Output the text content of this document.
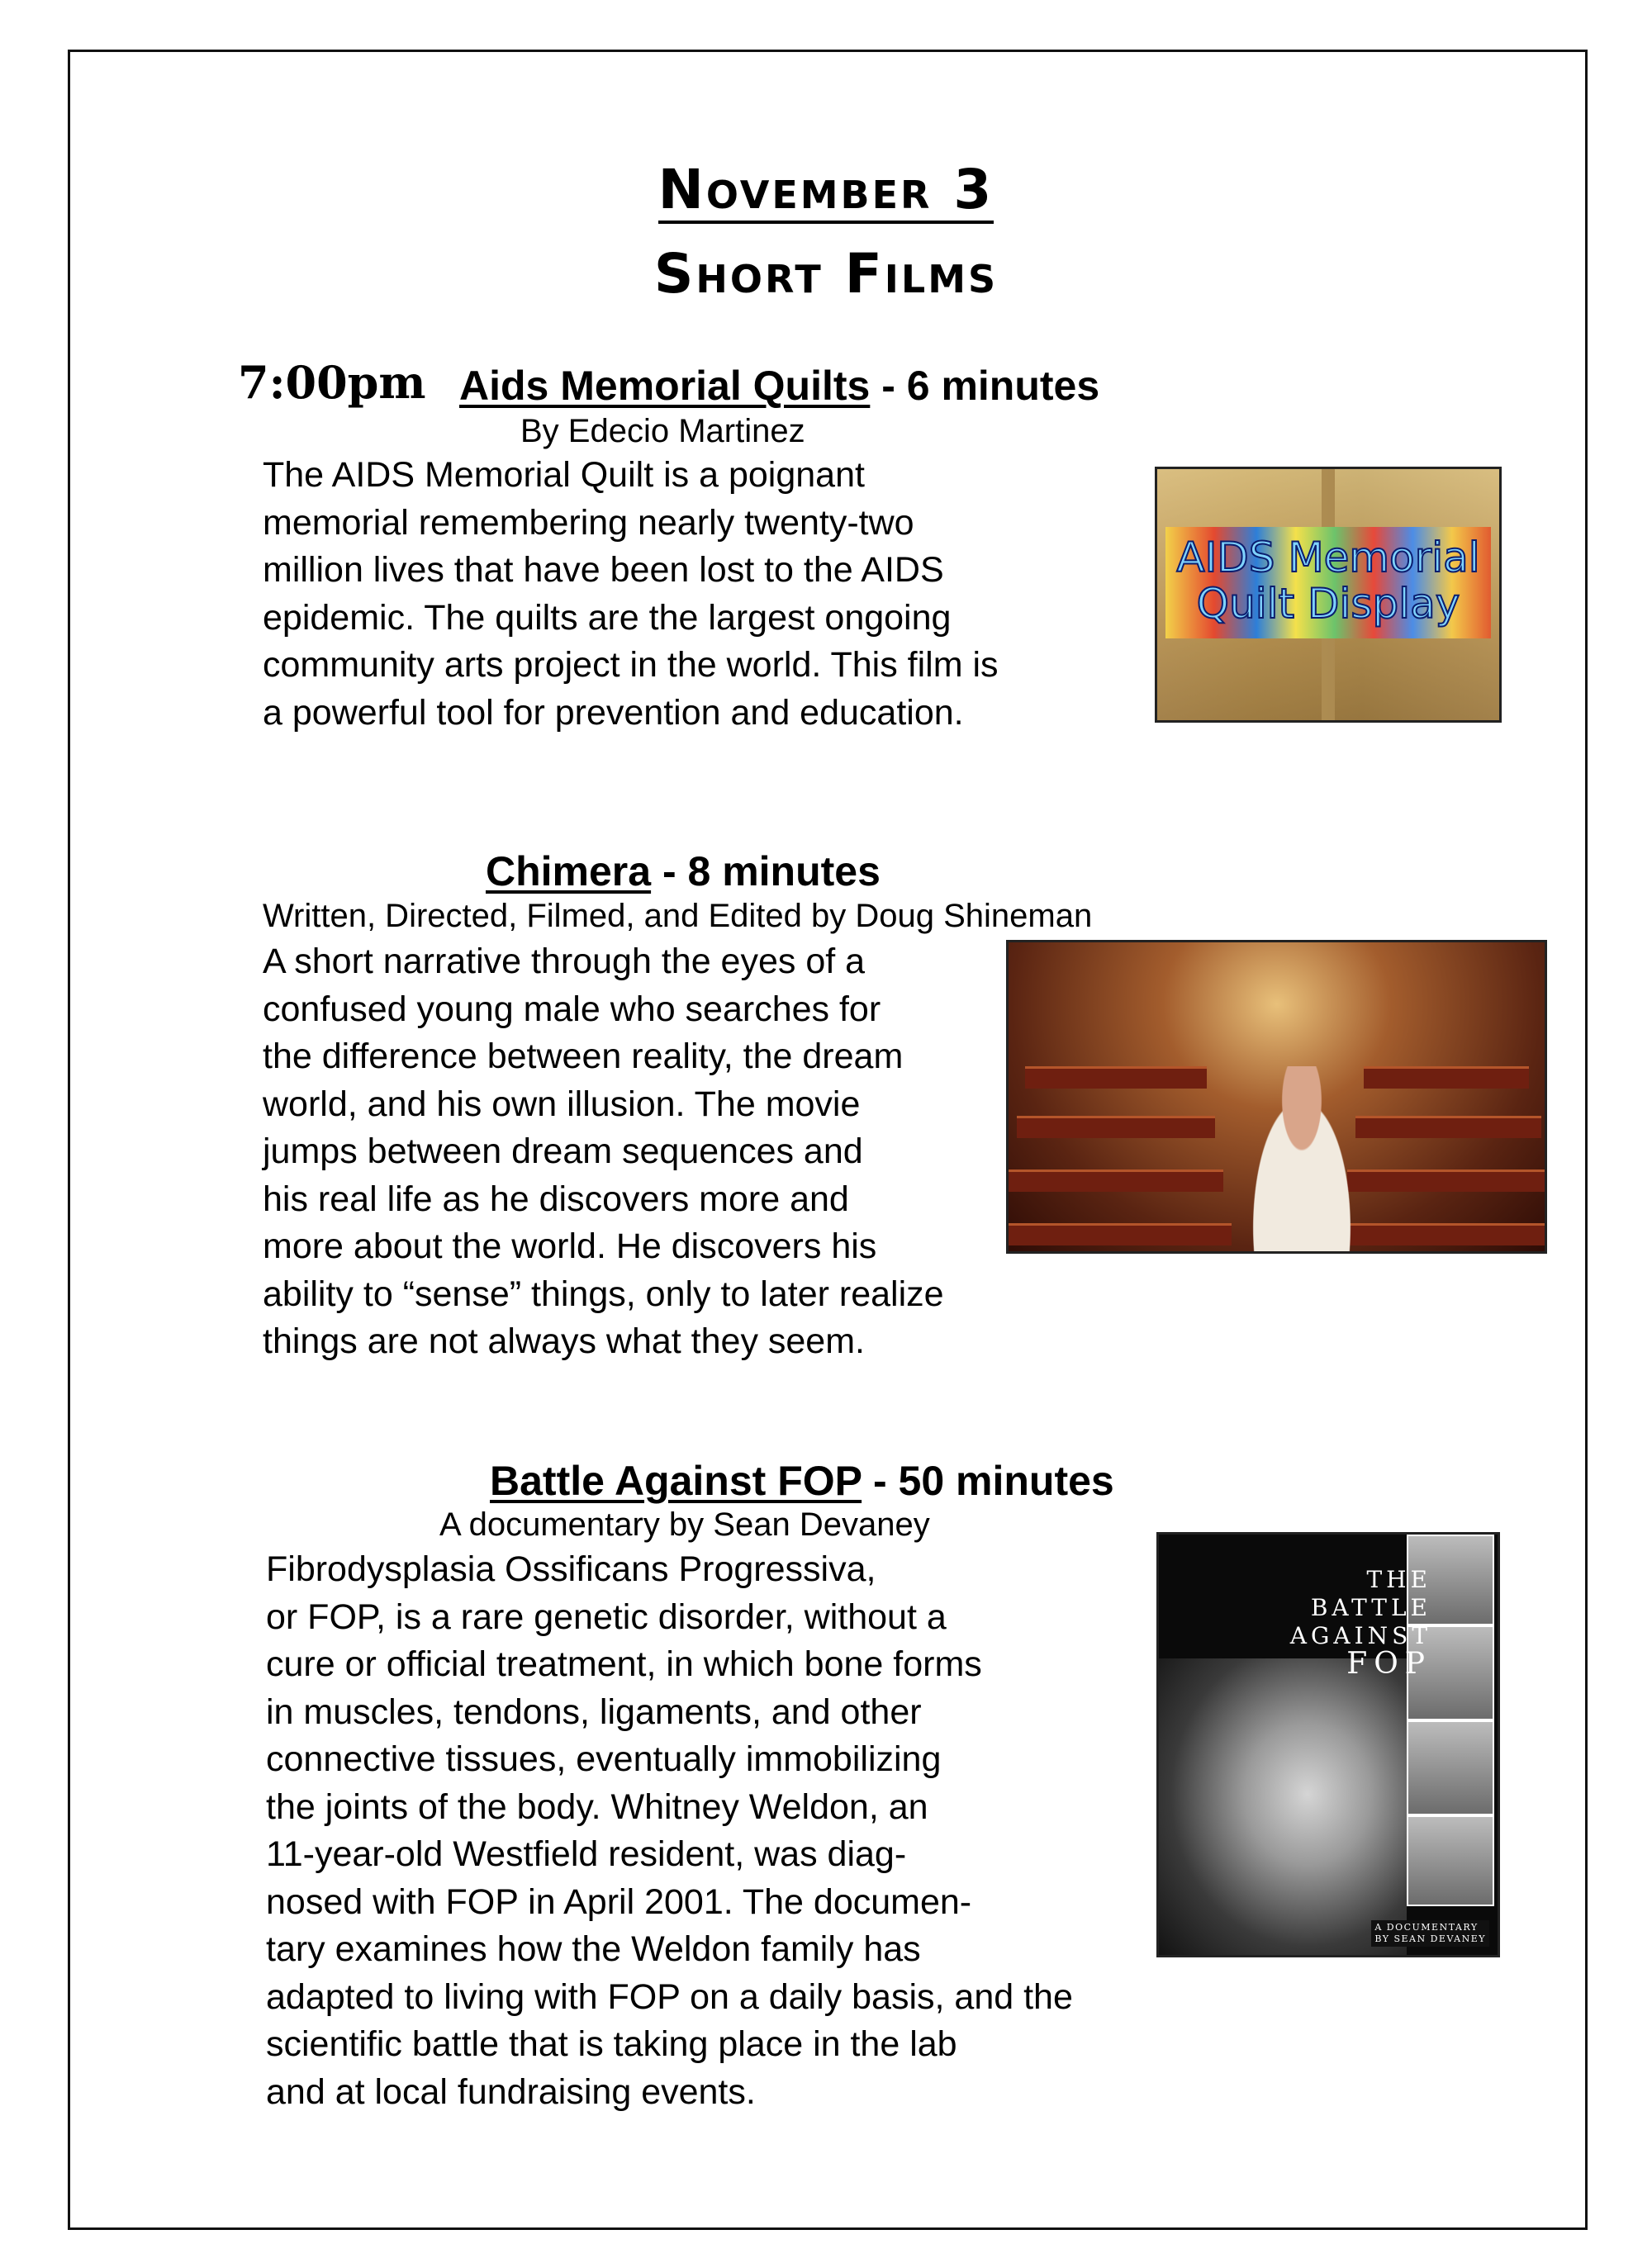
November 3
Short Films
7:00pm Aids Memorial Quilts - 6 minutes
By Edecio Martinez
The AIDS Memorial Quilt is a poignant
memorial remembering nearly twenty-two
million lives that have been lost to the AIDS
epidemic. The quilts are the largest ongoing
community arts project in the world. This film is
a powerful tool for prevention and education.
AIDS Memorial
Quilt Display
Chimera - 8 minutes
Written, Directed, Filmed, and Edited by Doug Shineman
A short narrative through the eyes of a
confused young male who searches for
the difference between reality, the dream
world, and his own illusion. The movie
jumps between dream sequences and
his real life as he discovers more and
more about the world. He discovers his
ability to “sense” things, only to later realize
things are not always what they seem.
Battle Against FOP - 50 minutes
A documentary by Sean Devaney
Fibrodysplasia Ossificans Progressiva,
or FOP, is a rare genetic disorder, without a
cure or official treatment, in which bone forms
in muscles, tendons, ligaments, and other
connective tissues, eventually immobilizing
the joints of the body. Whitney Weldon, an
11-year-old Westfield resident, was diag-
nosed with FOP in April 2001. The documen-
tary examines how the Weldon family has
adapted to living with FOP on a daily basis, and the
scientific battle that is taking place in the lab
and at local fundraising events.
THE
BATTLE
AGAINST
FOP
A DOCUMENTARY
BY SEAN DEVANEY
